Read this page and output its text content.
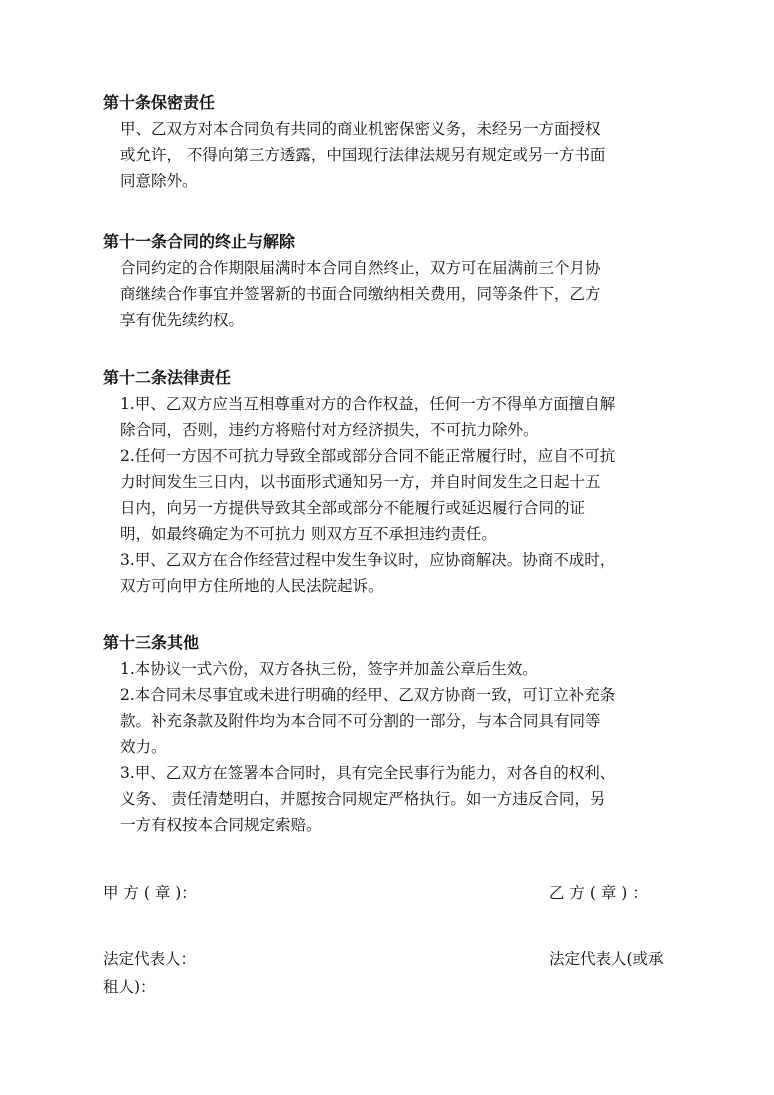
第十条保密责任
甲、乙双方对本合同负有共同的商业机密保密义务，未经另一方面授权
或允许， 不得向第三方透露，中国现行法律法规另有规定或另一方书面
同意除外。
第十一条合同的终止与解除
合同约定的合作期限届满时本合同自然终止，双方可在届满前三个月协
商继续合作事宜并签署新的书面合同缴纳相关费用，同等条件下，乙方
享有优先续约权。
第十二条法律责任
1.甲、乙双方应当互相尊重对方的合作权益，任何一方不得单方面擅自解
除合同，否则，违约方将赔付对方经济损失，不可抗力除外。
2.任何一方因不可抗力导致全部或部分合同不能正常履行时，应自不可抗
力时间发生三日内，以书面形式通知另一方，并自时间发生之日起十五
日内，向另一方提供导致其全部或部分不能履行或延迟履行合同的证
明，如最终确定为不可抗力 则双方互不承担违约责任。
3.甲、乙双方在合作经营过程中发生争议时，应协商解决。协商不成时，
双方可向甲方住所地的人民法院起诉。
第十三条其他
1.本协议一式六份，双方各执三份，签字并加盖公章后生效。
2.本合同未尽事宜或未进行明确的经甲、乙双方协商一致，可订立补充条
款。补充条款及附件均为本合同不可分割的一部分，与本合同具有同等
效力。
3.甲、乙双方在签署本合同时，具有完全民事行为能力，对各自的权利、
义务、 责任清楚明白，并愿按合同规定严格执行。如一方违反合同，另
一方有权按本合同规定索赔。
甲 方 ( 章 )：	乙 方 ( 章 ) ：
法定代表人：	法定代表人(或承
租人)：
